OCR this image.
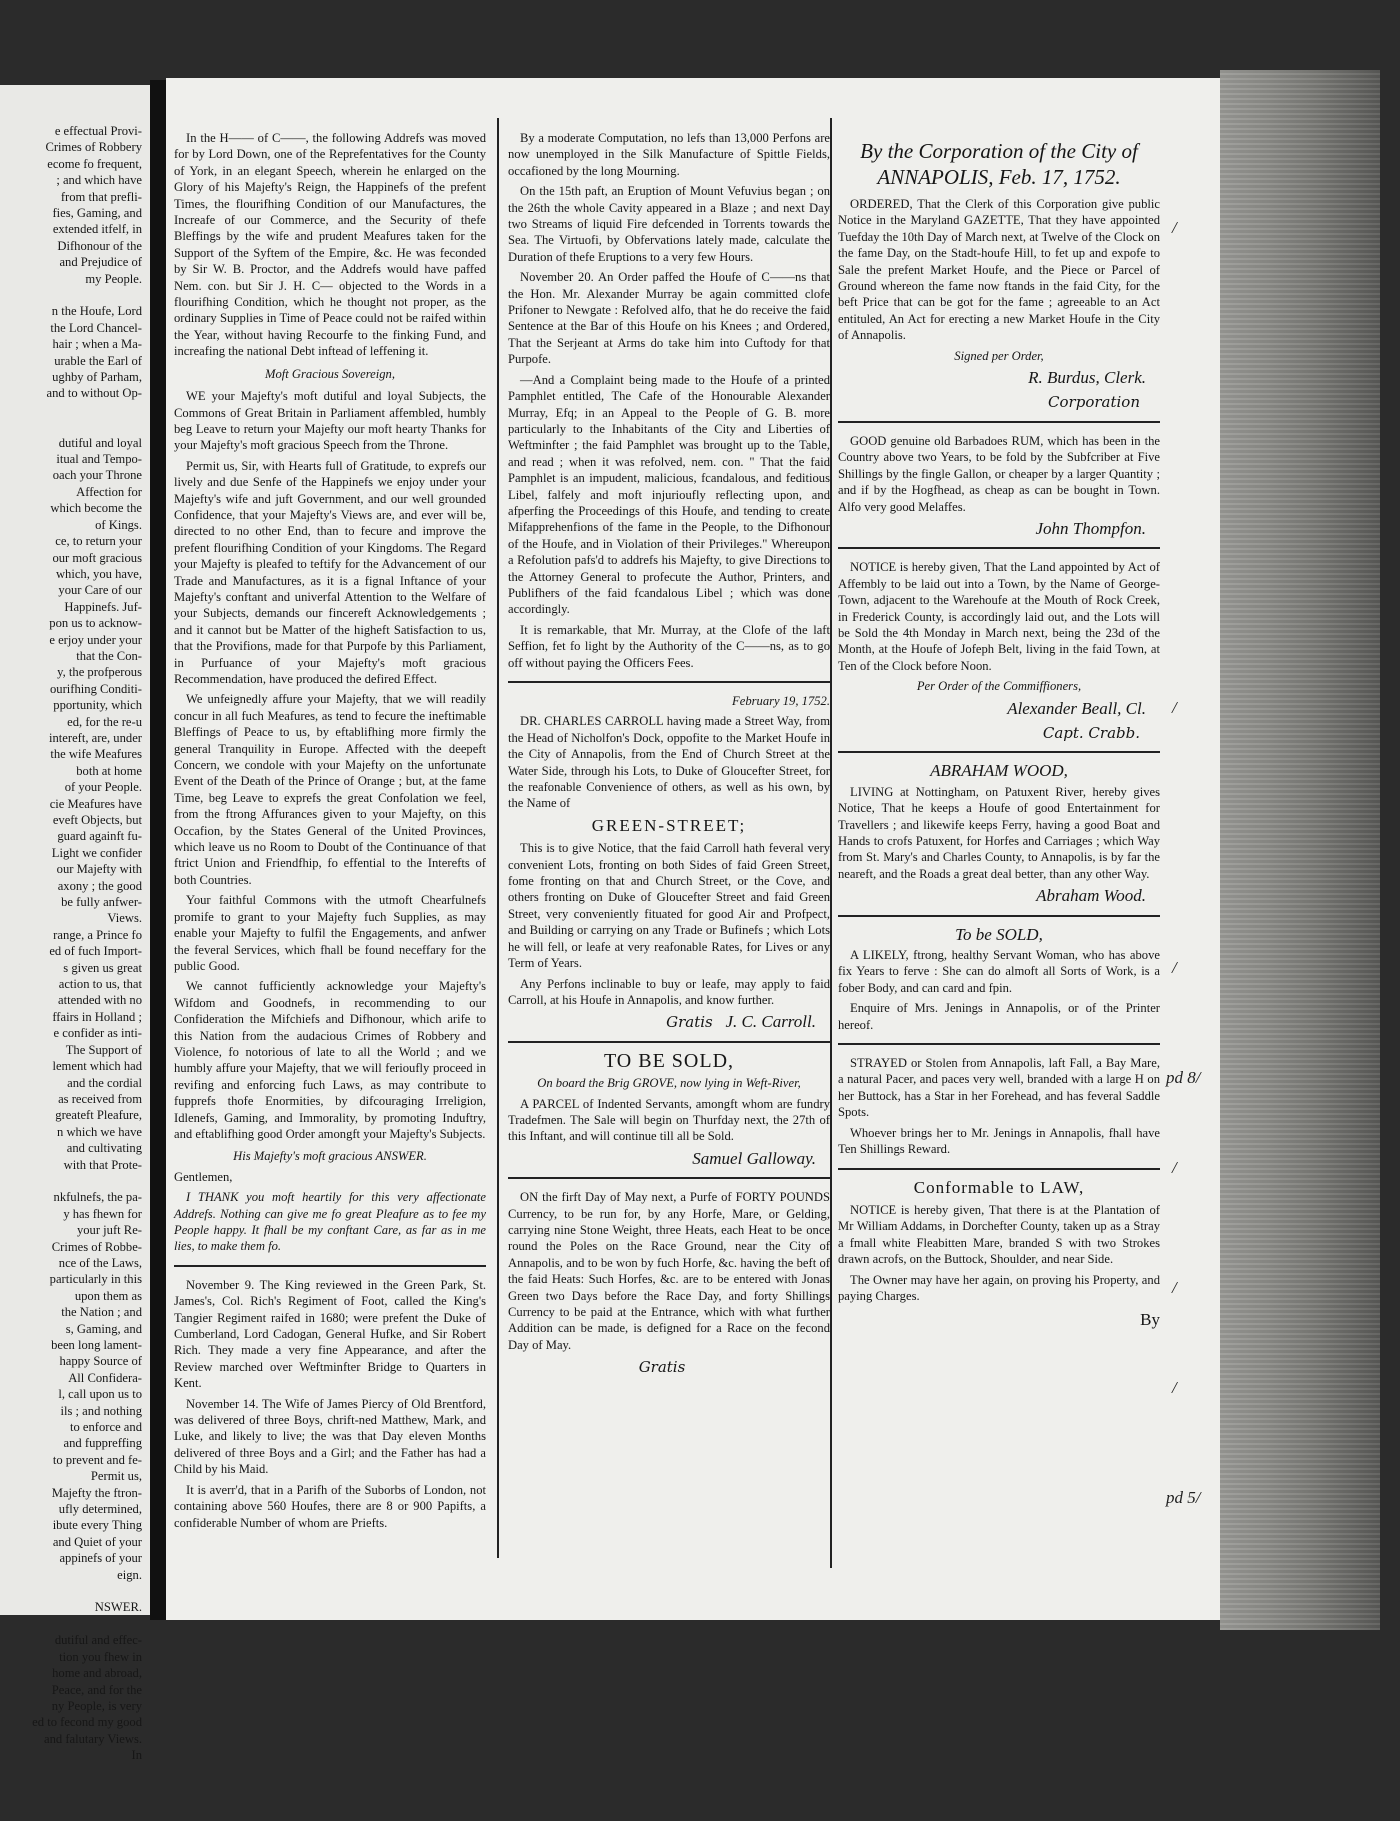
e effectual Provi-
Crimes of Robbery
ecome fo frequent,
; and which have
from that prefli-
fies, Gaming, and
extended itfelf, in
Difhonour of the
and Prejudice of
my People.
n the Houfe, Lord
the Lord Chancel-
hair ; when a Ma-
urable the Earl of
ughby of Parham,
and to without Op-
dutiful and loyal
itual and Tempo-
oach your Throne
Affection for
which become the
of Kings.
ce, to return your
our moft gracious
which, you have,
your Care of our
Happinefs. Juf-
pon us to acknow-
e erjoy under your
that the Con-
y, the profperous
ourifhing Conditi-
pportunity, which
ed, for the re-u
intereft, are, under
the wife Meafures
both at home
of your People.
cie Meafures have
eveft Objects, but
guard againft fu-
Light we confider
our Majefty with
axony ; the good
be fully anfwer-
Views.
range, a Prince fo
ed of fuch Import-
s given us great
action to us, that
attended with no
ffairs in Holland ;
e confider as inti-
The Support of
lement which had
and the cordial
as received from
greateft Pleafure,
n which we have
and cultivating
with that Prote-
nkfulnefs, the pa-
y has fhewn for
your juft Re-
Crimes of Robbe-
nce of the Laws,
particularly in this
upon them as
the Nation ; and
s, Gaming, and
been long lament-
happy Source of
All Confidera-
l, call upon us to
ils ; and nothing
to enforce and
and fuppreffing
to prevent and fe-
Permit us,
Majefty the ftron-
ufly determined,
ibute every Thing
and Quiet of your
appinefs of your
eign.
NSWER.
dutiful and effec-
tion you fhew in
home and abroad,
Peace, and for the
ny People, is very
ed to fecond my good
and falutary Views.
In

In the H—— of C——, the following Addrefs was moved for by Lord Down, one of the Reprefentatives for the County of York, in an elegant Speech, wherein he enlarged on the Glory of his Majefty's Reign, the Happinefs of the prefent Times, the flourifhing Condition of our Manufactures, the Increafe of our Commerce, and the Security of thefe Bleffings by the wife and prudent Meafures taken for the Support of the Syftem of the Empire, &c. He was feconded by Sir W. B. Proctor, and the Addrefs would have paffed Nem. con. but Sir J. H. C— objected to the Words in a flourifhing Condition, which he thought not proper, as the ordinary Supplies in Time of Peace could not be raifed within the Year, without having Recourfe to the finking Fund, and increafing the national Debt inftead of leffening it.

Moft Gracious Sovereign,

WE your Majefty's moft dutiful and loyal Subjects, the Commons of Great Britain in Parliament affembled, humbly beg Leave to return your Majefty our moft hearty Thanks for your Majefty's moft gracious Speech from the Throne.

Permit us, Sir, with Hearts full of Gratitude, to exprefs our lively and due Senfe of the Happinefs we enjoy under your Majefty's wife and juft Government, and our well grounded Confidence, that your Majefty's Views are, and ever will be, directed to no other End, than to fecure and improve the prefent flourifhing Condition of your Kingdoms. The Regard your Majefty is pleafed to teftify for the Advancement of our Trade and Manufactures, as it is a fignal Inftance of your Majefty's conftant and univerfal Attention to the Welfare of your Subjects, demands our fincereft Acknowledgements ; and it cannot but be Matter of the higheft Satisfaction to us, that the Provifions, made for that Purpofe by this Parliament, in Purfuance of your Majefty's moft gracious Recommendation, have produced the defired Effect.

We unfeignedly affure your Majefty, that we will readily concur in all fuch Meafures, as tend to fecure the ineftimable Bleffings of Peace to us, by eftablifhing more firmly the general Tranquility in Europe. Affected with the deepeft Concern, we condole with your Majefty on the unfortunate Event of the Death of the Prince of Orange ; but, at the fame Time, beg Leave to exprefs the great Confolation we feel, from the ftrong Affurances given to your Majefty, on this Occafion, by the States General of the United Provinces, which leave us no Room to Doubt of the Continuance of that ftrict Union and Friendfhip, fo effential to the Interefts of both Countries.

Your faithful Commons with the utmoft Chearfulnefs promife to grant to your Majefty fuch Supplies, as may enable your Majefty to fulfil the Engagements, and anfwer the feveral Services, which fhall be found neceffary for the public Good.

We cannot fufficiently acknowledge your Majefty's Wifdom and Goodnefs, in recommending to our Confideration the Mifchiefs and Difhonour, which arife to this Nation from the audacious Crimes of Robbery and Violence, fo notorious of late to all the World ; and we humbly affure your Majefty, that we will ferioufly proceed in revifing and enforcing fuch Laws, as may contribute to fupprefs thofe Enormities, by difcouraging Irreligion, Idlenefs, Gaming, and Immorality, by promoting Induftry, and eftablifhing good Order amongft your Majefty's Subjects.

His Majefty's moft gracious ANSWER.

Gentlemen,

I THANK you moft heartily for this very affectionate Addrefs. Nothing can give me fo great Pleafure as to fee my People happy. It fhall be my conftant Care, as far as in me lies, to make them fo.

November 9. The King reviewed in the Green Park, St. James's, Col. Rich's Regiment of Foot, called the King's Tangier Regiment raifed in 1680; were prefent the Duke of Cumberland, Lord Cadogan, General Hufke, and Sir Robert Rich. They made a very fine Appearance, and after the Review marched over Weftminfter Bridge to Quarters in Kent.

November 14. The Wife of James Piercy of Old Brentford, was delivered of three Boys, chrift-ned Matthew, Mark, and Luke, and likely to live; the was that Day eleven Months delivered of three Boys and a Girl; and the Father has had a Child by his Maid.

It is averr'd, that in a Parifh of the Suborbs of London, not containing above 560 Houfes, there are 8 or 900 Papifts, a confiderable Number of whom are Priefts.

By a moderate Computation, no lefs than 13,000 Perfons are now unemployed in the Silk Manufacture of Spittle Fields, occafioned by the long Mourning.

On the 15th paft, an Eruption of Mount Vefuvius began ; on the 26th the whole Cavity appeared in a Blaze ; and next Day two Streams of liquid Fire defcended in Torrents towards the Sea. The Virtuofi, by Obfervations lately made, calculate the Duration of thefe Eruptions to a very few Hours.

November 20. An Order paffed the Houfe of C——ns that the Hon. Mr. Alexander Murray be again committed clofe Prifoner to Newgate : Refolved alfo, that he do receive the faid Sentence at the Bar of this Houfe on his Knees ; and Ordered, That the Serjeant at Arms do take him into Cuftody for that Purpofe.

—And a Complaint being made to the Houfe of a printed Pamphlet entitled, The Cafe of the Honourable Alexander Murray, Efq; in an Appeal to the People of G. B. more particularly to the Inhabitants of the City and Liberties of Weftminfter ; the faid Pamphlet was brought up to the Table, and read ; when it was refolved, nem. con. " That the faid Pamphlet is an impudent, malicious, fcandalous, and feditious Libel, falfely and moft injurioufly reflecting upon, and afperfing the Proceedings of this Houfe, and tending to create Mifapprehenfions of the fame in the People, to the Difhonour of the Houfe, and in Violation of their Privileges." Whereupon a Refolution pafs'd to addrefs his Majefty, to give Directions to the Attorney General to profecute the Author, Printers, and Publifhers of the faid fcandalous Libel ; which was done accordingly.

It is remarkable, that Mr. Murray, at the Clofe of the laft Seffion, fet fo light by the Authority of the C——ns, as to go off without paying the Officers Fees.

February 19, 1752.

DR. CHARLES CARROLL having made a Street Way, from the Head of Nicholfon's Dock, oppofite to the Market Houfe in the City of Annapolis, from the End of Church Street at the Water Side, through his Lots, to Duke of Gloucefter Street, for the reafonable Convenience of others, as well as his own, by the Name of

GREEN-STREET;

This is to give Notice, that the faid Carroll hath feveral very convenient Lots, fronting on both Sides of faid Green Street, fome fronting on that and Church Street, or the Cove, and others fronting on Duke of Gloucefter Street and faid Green Street, very conveniently fituated for good Air and Profpect, and Building or carrying on any Trade or Bufinefs ; which Lots he will fell, or leafe at very reafonable Rates, for Lives or any Term of Years.

Any Perfons inclinable to buy or leafe, may apply to faid Carroll, at his Houfe in Annapolis, and know further.

Gratis J. C. Carroll.
TO BE SOLD,

On board the Brig GROVE, now lying in Weft-River,

A PARCEL of Indented Servants, amongft whom are fundry Tradefmen. The Sale will begin on Thurfday next, the 27th of this Inftant, and will continue till all be Sold.

Samuel Galloway.

ON the firft Day of May next, a Purfe of FORTY POUNDS Currency, to be run for, by any Horfe, Mare, or Gelding, carrying nine Stone Weight, three Heats, each Heat to be once round the Poles on the Race Ground, near the City of Annapolis, and to be won by fuch Horfe, &c. having the beft of the faid Heats: Such Horfes, &c. are to be entered with Jonas Green two Days before the Race Day, and forty Shillings Currency to be paid at the Entrance, which with what further Addition can be made, is defigned for a Race on the fecond Day of May.

Gratis
By the Corporation of the City of
ANNAPOLIS, Feb. 17, 1752.

ORDERED, That the Clerk of this Corporation give public Notice in the Maryland GAZETTE, That they have appointed Tuefday the 10th Day of March next, at Twelve of the Clock on the fame Day, on the Stadt-houfe Hill, to fet up and expofe to Sale the prefent Market Houfe, and the Piece or Parcel of Ground whereon the fame now ftands in the faid City, for the beft Price that can be got for the fame ; agreeable to an Act entituled, An Act for erecting a new Market Houfe in the City of Annapolis.

Signed per Order,

R. Burdus, Clerk.
Corporation

GOOD genuine old Barbadoes RUM, which has been in the Country above two Years, to be fold by the Subfcriber at Five Shillings by the fingle Gallon, or cheaper by a larger Quantity ; and if by the Hogfhead, as cheap as can be bought in Town. Alfo very good Melaffes.

John Thompfon.

NOTICE is hereby given, That the Land appointed by Act of Affembly to be laid out into a Town, by the Name of George-Town, adjacent to the Warehoufe at the Mouth of Rock Creek, in Frederick County, is accordingly laid out, and the Lots will be Sold the 4th Monday in March next, being the 23d of the Month, at the Houfe of Jofeph Belt, living in the faid Town, at Ten of the Clock before Noon.

Per Order of the Commiffioners,

Alexander Beall, Cl.
Capt. Crabb.
ABRAHAM WOOD,

LIVING at Nottingham, on Patuxent River, hereby gives Notice, That he keeps a Houfe of good Entertainment for Travellers ; and likewife keeps Ferry, having a good Boat and Hands to crofs Patuxent, for Horfes and Carriages ; which Way from St. Mary's and Charles County, to Annapolis, is by far the neareft, and the Roads a great deal better, than any other Way.

Abraham Wood.
To be SOLD,

A LIKELY, ftrong, healthy Servant Woman, who has above fix Years to ferve : She can do almoft all Sorts of Work, is a fober Body, and can card and fpin.

Enquire of Mrs. Jenings in Annapolis, or of the Printer hereof.

STRAYED or Stolen from Annapolis, laft Fall, a Bay Mare, a natural Pacer, and paces very well, branded with a large H on her Buttock, has a Star in her Forehead, and has feveral Saddle Spots.

Whoever brings her to Mr. Jenings in Annapolis, fhall have Ten Shillings Reward.

Conformable to LAW,

NOTICE is hereby given, That there is at the Plantation of Mr William Addams, in Dorchefter County, taken up as a Stray a fmall white Fleabitten Mare, branded S with two Strokes drawn acrofs, on the Buttock, Shoulder, and near Side.

The Owner may have her again, on proving his Property, and paying Charges.

By
/
/
/
pd 8/
/
/
/
pd 5/
